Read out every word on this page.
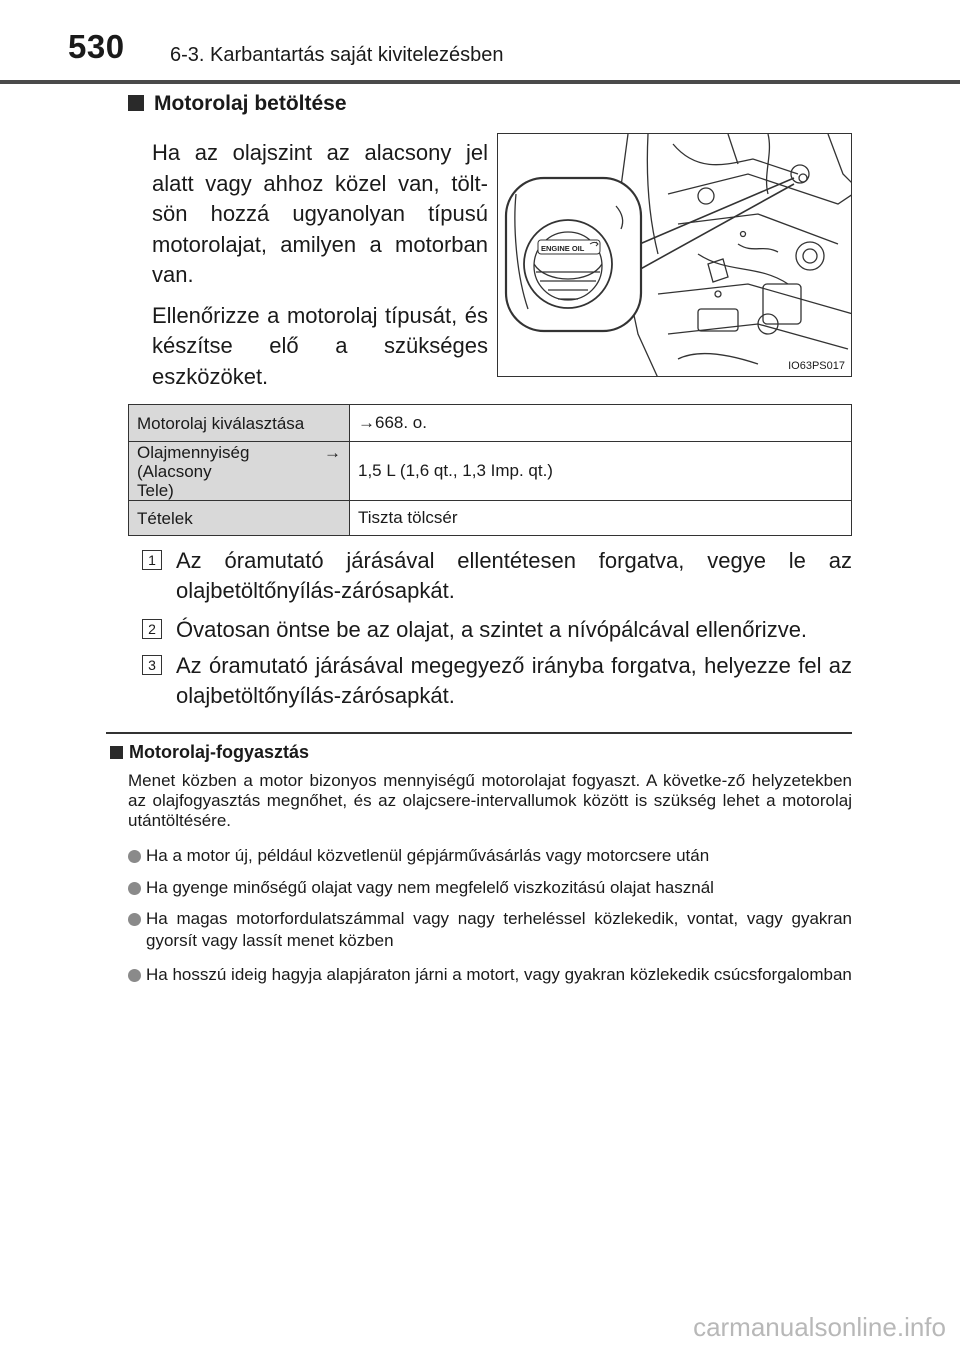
530 6-3. Karbantartás saját kivitelezésben
Motorolaj betöltése

Ha az olajszint az alacsony jel alatt vagy ahhoz közel van, tölt-sön hozzá ugyanolyan típusú motorolajat, amilyen a motorban van.

Ellenőrizze a motorolaj típusát, és készítse elő a szükséges eszközöket.

ENGINE OIL
IO63PS017
Motorolaj kiválasztása	→668. o.

Olajmennyiség (Alacsony
→
Tele)	1,5 L (1,6 qt., 1,3 Imp. qt.)
Tételek	Tiszta tölcsér
1 Az óramutató járásával ellentétesen forgatva, vegye le az olajbetöltőnyílás-zárósapkát.
2 Óvatosan öntse be az olajat, a szintet a nívópálcával ellenőrizve.
3 Az óramutató járásával megegyező irányba forgatva, helyezze fel az olajbetöltőnyílás-zárósapkát.
Motorolaj-fogyasztás
Menet közben a motor bizonyos mennyiségű motorolajat fogyaszt. A követke-ző helyzetekben az olajfogyasztás megnőhet, és az olajcsere-intervallumok között is szükség lehet a motorolaj utántöltésére.
Ha a motor új, például közvetlenül gépjárművásárlás vagy motorcsere után
Ha gyenge minőségű olajat vagy nem megfelelő viszkozitású olajat használ
Ha magas motorfordulatszámmal vagy nagy terheléssel közlekedik, vontat, vagy gyakran gyorsít vagy lassít menet közben
Ha hosszú ideig hagyja alapjáraton járni a motort, vagy gyakran közlekedik csúcsforgalomban
carmanualsonline.info
